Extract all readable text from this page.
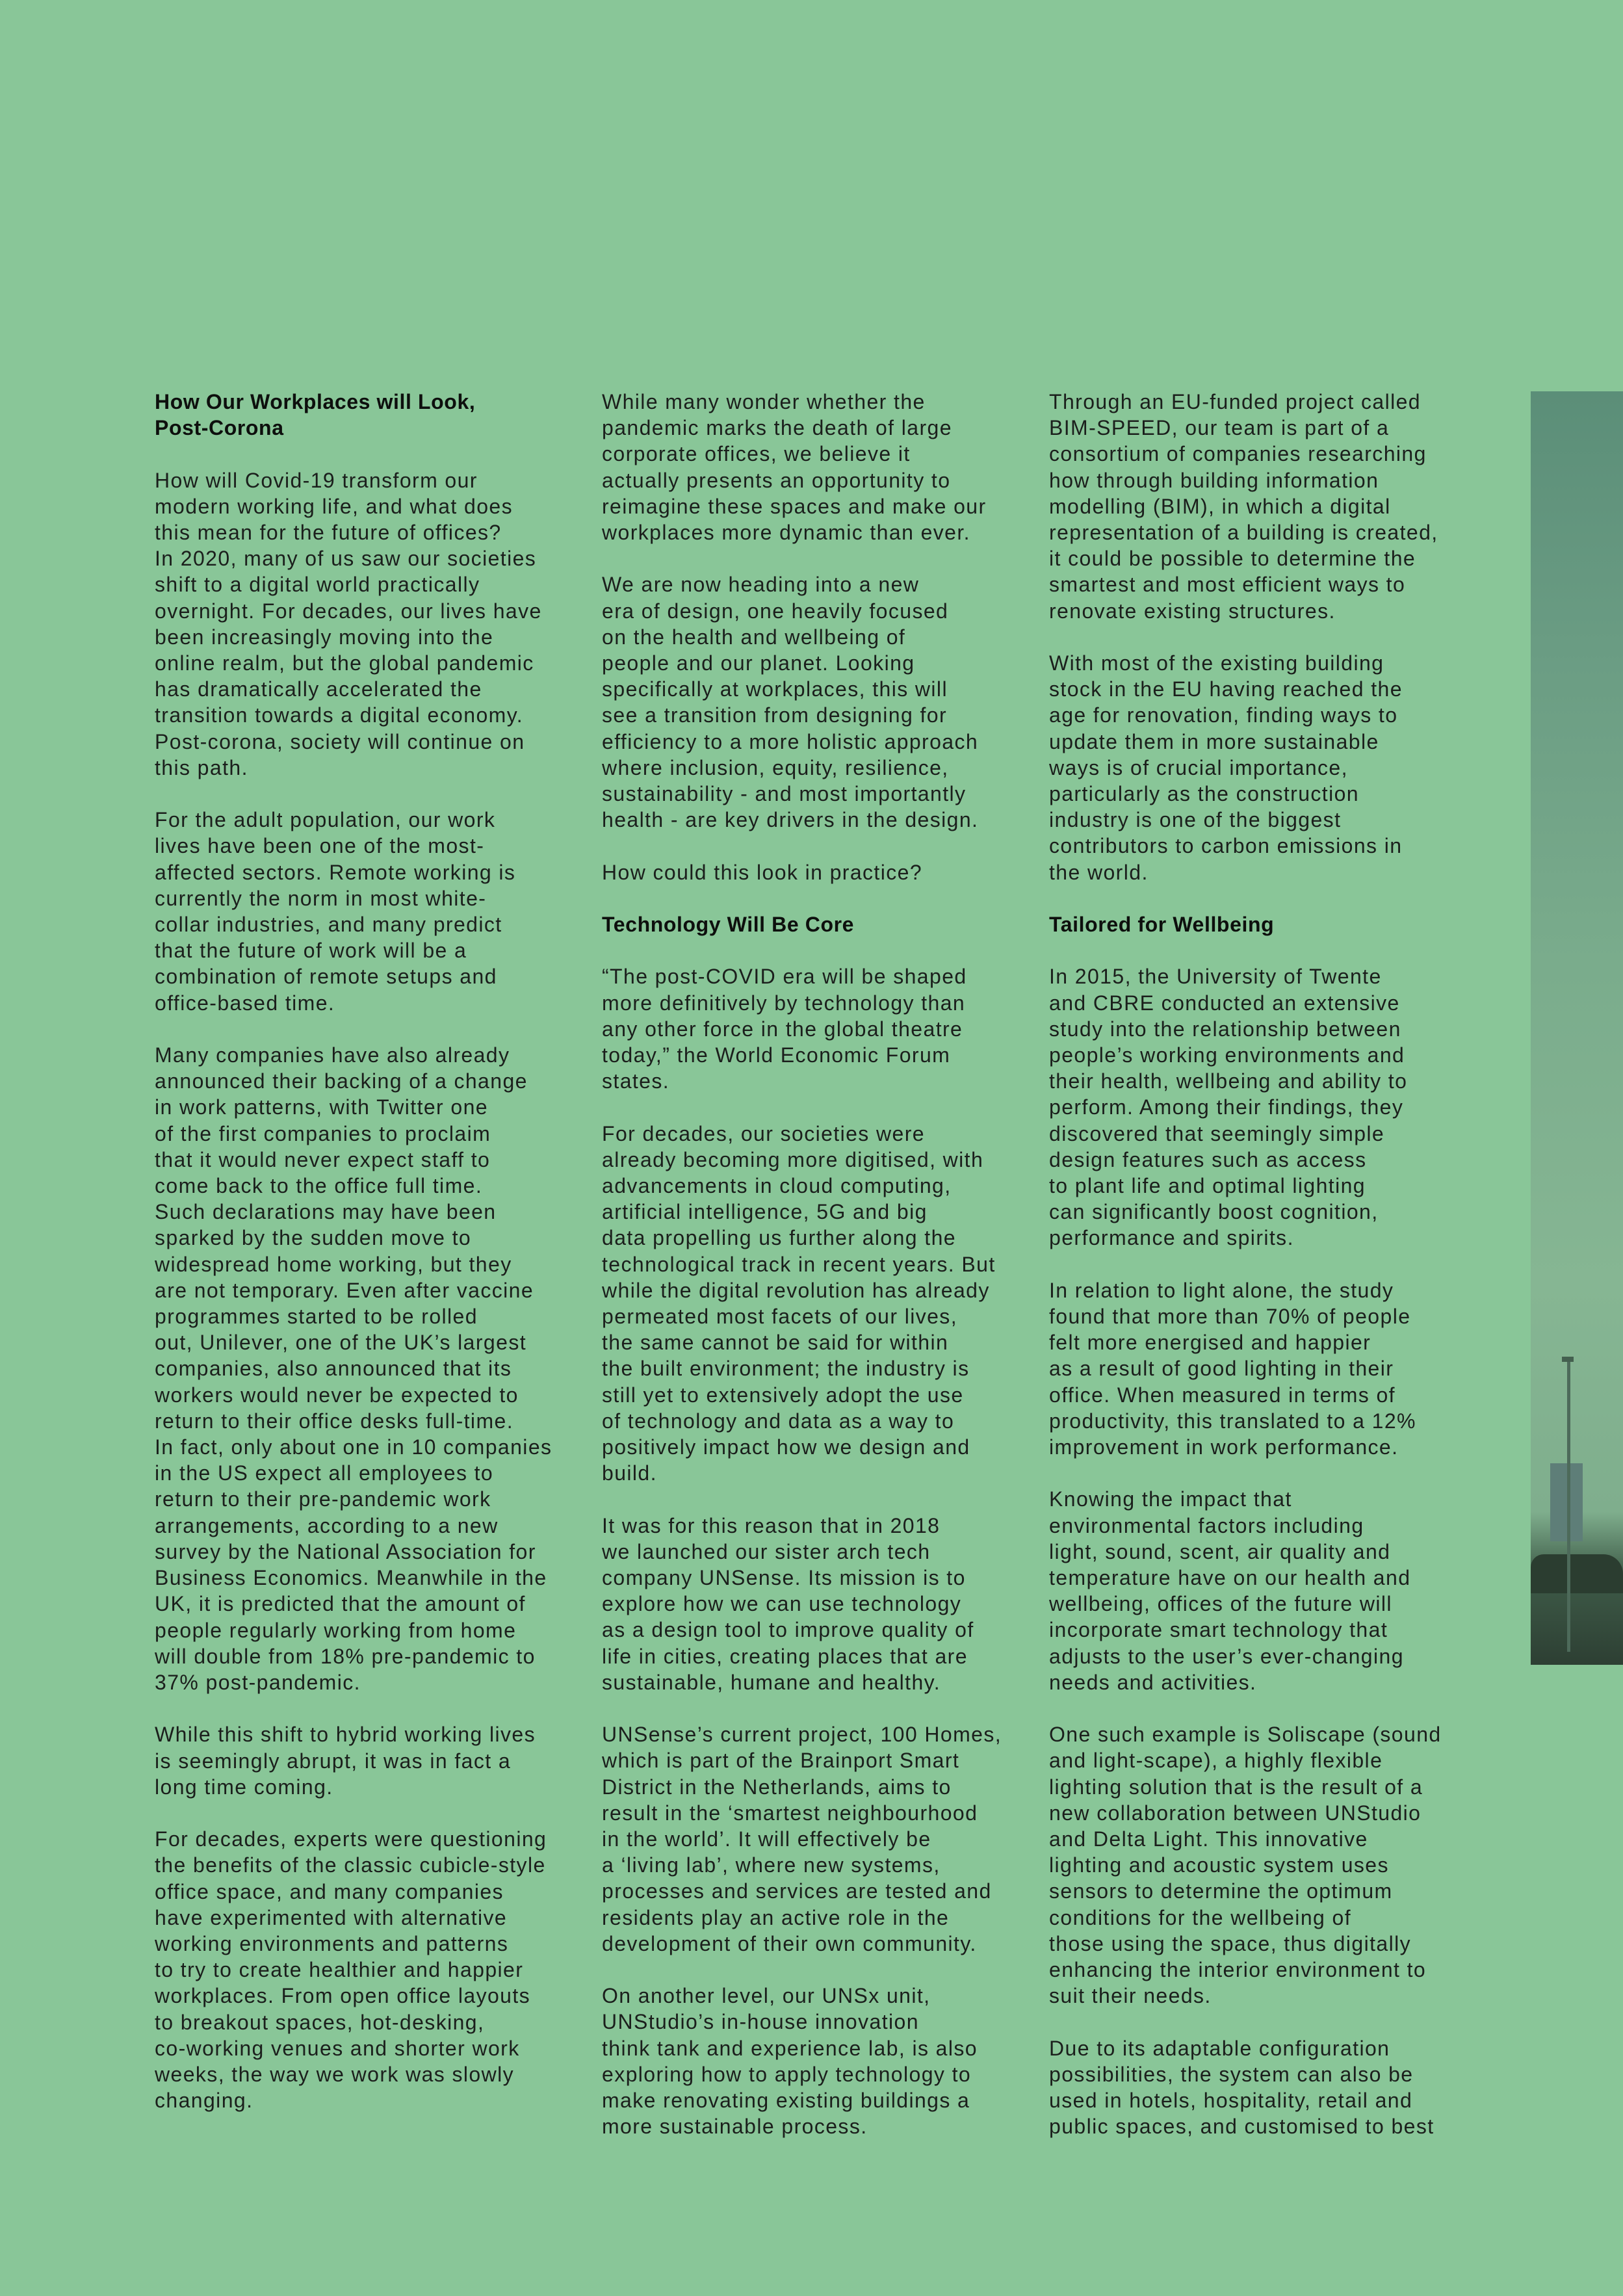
How Our Workplaces will Look,
Post-Corona

How will Covid-19 transform our
modern working life, and what does
this mean for the future of offices?
In 2020, many of us saw our societies
shift to a digital world practically
overnight. For decades, our lives have
been increasingly moving into the
online realm, but the global pandemic
has dramatically accelerated the
transition towards a digital economy.
Post-corona, society will continue on
this path.

For the adult population, our work
lives have been one of the most-
affected sectors. Remote working is
currently the norm in most white-
collar industries, and many predict
that the future of work will be a
combination of remote setups and
office-based time.

Many companies have also already
announced their backing of a change
in work patterns, with Twitter one
of the first companies to proclaim
that it would never expect staff to
come back to the office full time.
Such declarations may have been
sparked by the sudden move to
widespread home working, but they
are not temporary. Even after vaccine
programmes started to be rolled
out, Unilever, one of the UK’s largest
companies, also announced that its
workers would never be expected to
return to their office desks full-time.
In fact, only about one in 10 companies
in the US expect all employees to
return to their pre-pandemic work
arrangements, according to a new
survey by the National Association for
Business Economics. Meanwhile in the
UK, it is predicted that the amount of
people regularly working from home
will double from 18% pre-pandemic to
37% post-pandemic.

While this shift to hybrid working lives
is seemingly abrupt, it was in fact a
long time coming.

For decades, experts were questioning
the benefits of the classic cubicle-style
office space, and many companies
have experimented with alternative
working environments and patterns
to try to create healthier and happier
workplaces. From open office layouts
to breakout spaces, hot-desking,
co-working venues and shorter work
weeks, the way we work was slowly
changing.

While many wonder whether the
pandemic marks the death of large
corporate offices, we believe it
actually presents an opportunity to
reimagine these spaces and make our
workplaces more dynamic than ever.

We are now heading into a new
era of design, one heavily focused
on the health and wellbeing of
people and our planet. Looking
specifically at workplaces, this will
see a transition from designing for
efficiency to a more holistic approach
where inclusion, equity, resilience,
sustainability - and most importantly
health - are key drivers in the design.

How could this look in practice?

Technology Will Be Core

“The post-COVID era will be shaped
more definitively by technology than
any other force in the global theatre
today,” the World Economic Forum
states.

For decades, our societies were
already becoming more digitised, with
advancements in cloud computing,
artificial intelligence, 5G and big
data propelling us further along the
technological track in recent years. But
while the digital revolution has already
permeated most facets of our lives,
the same cannot be said for within
the built environment; the industry is
still yet to extensively adopt the use
of technology and data as a way to
positively impact how we design and
build.

It was for this reason that in 2018
we launched our sister arch tech
company UNSense. Its mission is to
explore how we can use technology
as a design tool to improve quality of
life in cities, creating places that are
sustainable, humane and healthy.

UNSense’s current project, 100 Homes,
which is part of the Brainport Smart
District in the Netherlands, aims to
result in the ‘smartest neighbourhood
in the world’. It will effectively be
a ‘living lab’, where new systems,
processes and services are tested and
residents play an active role in the
development of their own community.

On another level, our UNSx unit,
UNStudio’s in-house innovation
think tank and experience lab, is also
exploring how to apply technology to
make renovating existing buildings a
more sustainable process.

Through an EU-funded project called
BIM-SPEED, our team is part of a
consortium of companies researching
how through building information
modelling (BIM), in which a digital
representation of a building is created,
it could be possible to determine the
smartest and most efficient ways to
renovate existing structures.

With most of the existing building
stock in the EU having reached the
age for renovation, finding ways to
update them in more sustainable
ways is of crucial importance,
particularly as the construction
industry is one of the biggest
contributors to carbon emissions in
the world.

Tailored for Wellbeing

In 2015, the University of Twente
and CBRE conducted an extensive
study into the relationship between
people’s working environments and
their health, wellbeing and ability to
perform. Among their findings, they
discovered that seemingly simple
design features such as access
to plant life and optimal lighting
can significantly boost cognition,
performance and spirits.

In relation to light alone, the study
found that more than 70% of people
felt more energised and happier
as a result of good lighting in their
office. When measured in terms of
productivity, this translated to a 12%
improvement in work performance.

Knowing the impact that
environmental factors including
light, sound, scent, air quality and
temperature have on our health and
wellbeing, offices of the future will
incorporate smart technology that
adjusts to the user’s ever-changing
needs and activities.

One such example is Soliscape (sound
and light-scape), a highly flexible
lighting solution that is the result of a
new collaboration between UNStudio
and Delta Light. This innovative
lighting and acoustic system uses
sensors to determine the optimum
conditions for the wellbeing of
those using the space, thus digitally
enhancing the interior environment to
suit their needs.

Due to its adaptable configuration
possibilities, the system can also be
used in hotels, hospitality, retail and
public spaces, and customised to best
